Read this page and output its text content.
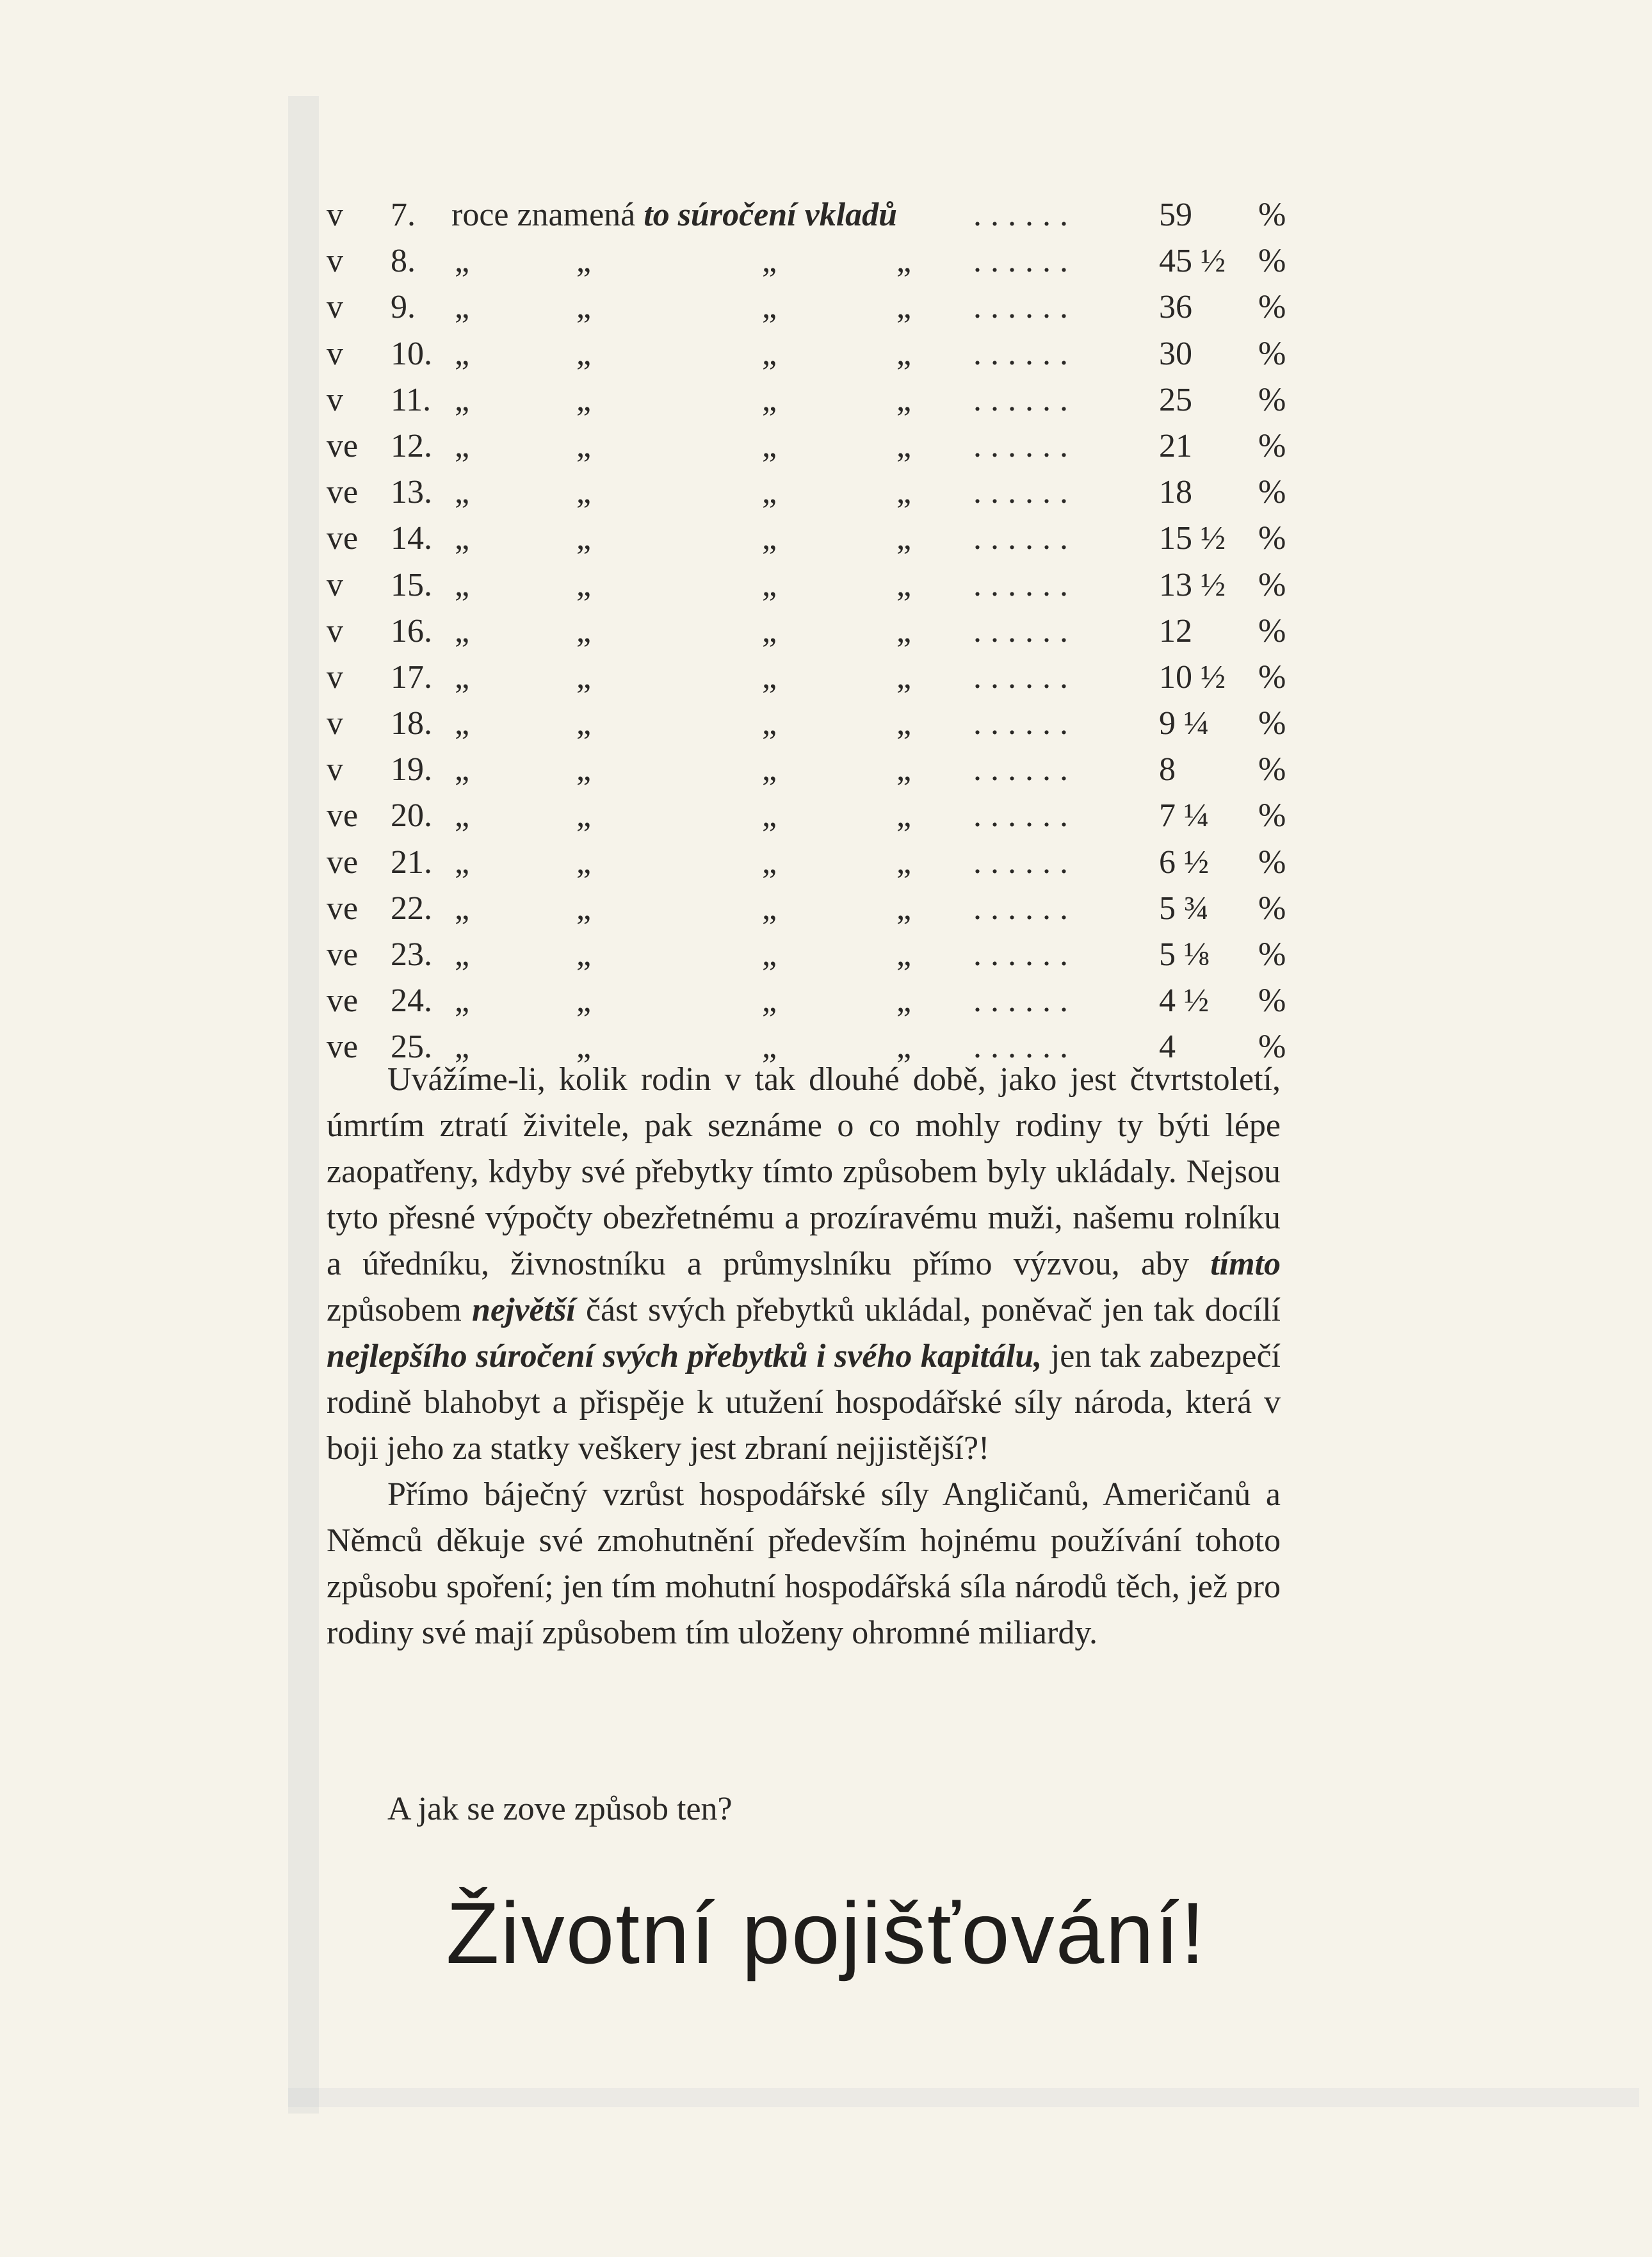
v 7. roce znamená to súročení vkladů ...... 59 %
v 8. „	„	„	„ ...... 45 ½ %
v 9. „	„	„	„ ...... 36 %
v 10. „	„	„	„ ...... 30 %
v 11. „	„	„	„ ...... 25 %
ve 12. „	„	„	„ ...... 21 %
ve 13. „	„	„	„ ...... 18 %
ve 14. „	„	„	„ ...... 15 ½ %
v 15. „	„	„	„ ...... 13 ½ %
v 16. „	„	„	„ ...... 12 %
v 17. „	„	„	„ ...... 10 ½ %
v 18. „	„	„	„ ...... 9 ¼ %
v 19. „	„	„	„ ...... 8 %
ve 20. „	„	„	„ ...... 7 ¼ %
ve 21. „	„	„	„ ...... 6 ½ %
ve 22. „	„	„	„ ...... 5 ¾ %
ve 23. „	„	„	„ ...... 5 ⅛ %
ve 24. „	„	„	„ ...... 4 ½ %
ve 25. „	„	„	„ ...... 4 %

Uvážíme-li, kolik rodin v tak dlouhé době, jako jest čtvrtstoletí, úmrtím ztratí živitele, pak seznáme o co mohly rodiny ty býti lépe zaopatřeny, kdyby své přebytky tímto způsobem byly ukládaly. Nejsou tyto přesné výpočty obezřetnému a prozíravému muži, našemu rolníku a úředníku, živnostníku a průmyslníku přímo výzvou, aby tímto způsobem největší část svých přebytků ukládal, poněvač jen tak docílí nejlepšího súročení svých přebytků i svého kapitálu, jen tak zabezpečí rodině blahobyt a přispěje k utužení hospodářské síly národa, která v boji jeho za statky veškery jest zbraní nejjistější?!

Přímo báječný vzrůst hospodářské síly Angličanů, Američanů a Němců děkuje své zmohutnění především hojnému používání tohoto způsobu spoření; jen tím mohutní hospodářská síla národů těch, jež pro rodiny své mají způsobem tím uloženy ohromné miliardy.

A jak se zove způsob ten?
Životní pojišťování!
